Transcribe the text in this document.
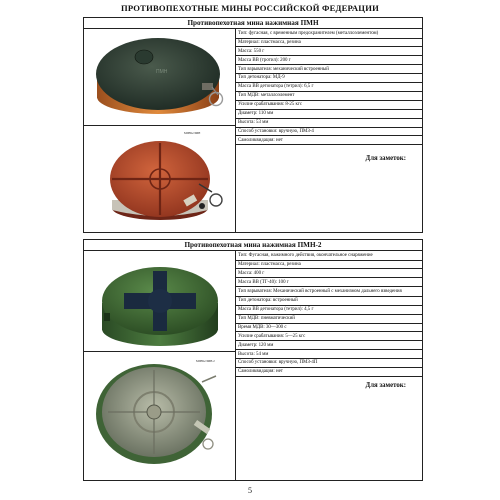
ПРОТИВОПЕХОТНЫЕ МИНЫ РОССИЙСКОЙ ФЕДЕРАЦИИ
Противопехотная мина нажимная ПМН
ПМН
МИНА ПМН
Тип: фугасная, с временным предохранителем (металлоэлементом)
Материал: пластмасса, резина
Масса: 550 г
Масса ВВ (тротил): 200 г
Тип взрывателя: механический встроенный
Тип детонатора: МД-9
Масса ВВ детонатора (тетрил): 6,5 г
Тип МДВ: металлоэлемент
Усилие срабатывания: 8-25 кгс
Диаметр: 110 мм
Высота: 53 мм
Способ установки: вручную, ПМЗ-4
Самоликвидация: нет
Для заметок:
Противопехотная мина нажимная ПМН-2
МИНА ПМН-2
Тип: Фугасная, нажимного действия, окончательное снаряжение
Материал: пластмасса, резина
Масса: 400 г
Масса ВВ (ТГ-40): 100 г
Тип взрывателя: Механический встроенный с механизмом дальнего взведения
Тип детонатора: встроенный
Масса ВВ детонатора (тетрил): 4,5 г
Тип МДВ: пневматический
Время МДВ: 30—300 с
Усилие срабатывания: 5—25 кгс
Диаметр: 120 мм
Высота: 54 мм
Способ установки: вручную, ПМЗ-4П
Самоликвидация: нет
Для заметок:
5
